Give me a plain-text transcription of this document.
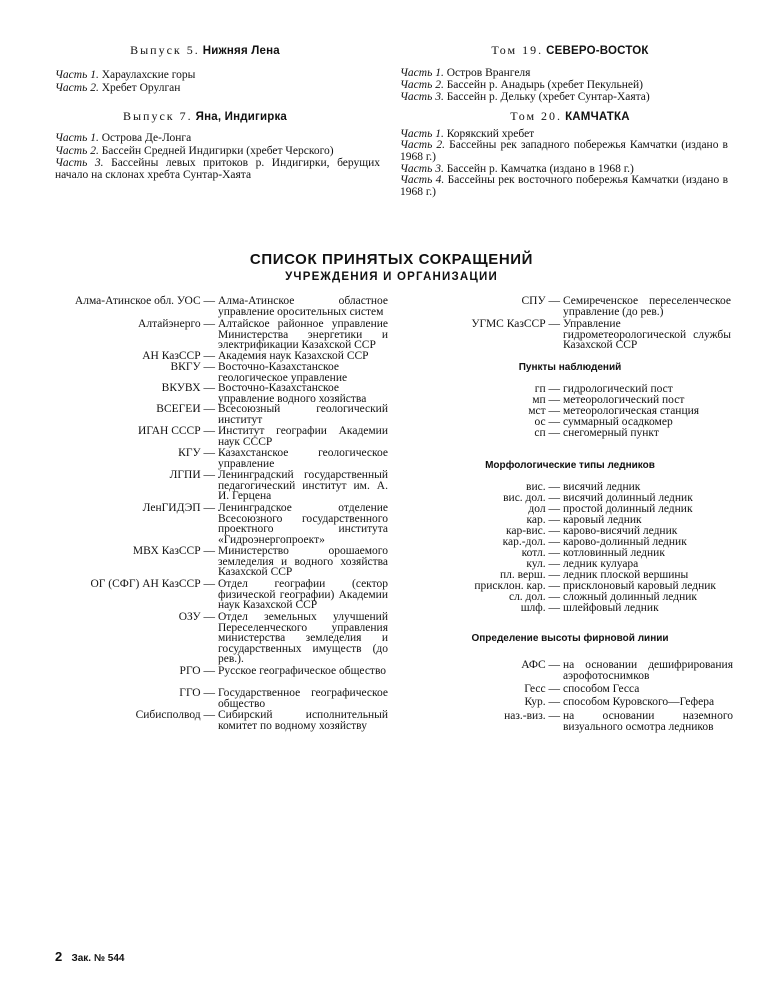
Выпуск 5. Нижняя Лена
Часть 1. Хараулахские горы
Часть 2. Хребет Орулган
Выпуск 7. Яна, Индигирка
Часть 1. Острова Де-Лонга
Часть 2. Бассейн Средней Индигирки (хребет Черского)
Часть 3. Бассейны левых притоков р. Индигирки, берущих начало на склонах хребта Сунтар-Хаята
Том 19. СЕВЕРО-ВОСТОК
Часть 1. Остров Врангеля
Часть 2. Бассейн р. Анадырь (хребет Пекульней)
Часть 3. Бассейн р. Дельку (хребет Сунтар-Хаята)
Том 20. КАМЧАТКА
Часть 1. Корякский хребет
Часть 2. Бассейны рек западного побережья Камчатки (издано в 1968 г.)
Часть 3. Бассейн р. Камчатка (издано в 1968 г.)
Часть 4. Бассейны рек восточного побережья Камчатки (издано в 1968 г.)
СПИСОК ПРИНЯТЫХ СОКРАЩЕНИЙ
УЧРЕЖДЕНИЯ И ОРГАНИЗАЦИИ
Алма-Атинское обл. УОС — Алма-Атинское областное управление оросительных систем
Алтайэнерго — Алтайское районное управление Министерства энергетики и электрификации Казахской ССР
АН КазССР — Академия наук Казахской ССР
ВКГУ — Восточно-Казахстанское геологическое управление
ВКУВХ — Восточно-Казахстанское управление водного хозяйства
ВСЕГЕИ — Всесоюзный геологический институт
ИГАН СССР — Институт географии Академии наук СССР
КГУ — Казахстанское геологическое управление
ЛГПИ — Ленинградский государственный педагогический институт им. А. И. Герцена
ЛенГИДЭП — Ленинградское отделение Всесоюзного государственного проектного института «Гидроэнергопроект»
МВХ КазССР — Министерство орошаемого земледелия и водного хозяйства Казахской ССР
ОГ (СФГ) АН КазССР — Отдел географии (сектор физической географии) Академии наук Казахской ССР
ОЗУ — Отдел земельных улучшений Переселенческого управления министерства земледелия и государственных имуществ (до рев.).
РГО — Русское географическое общество
ГГО — Государственное географическое общество
Сибисполвод — Сибирский исполнительный комитет по водному хозяйству
СПУ — Семиреченское переселенческое управление (до рев.)
УГМС КазССР — Управление гидрометеорологической службы Казахской ССР
Пункты наблюдений
гп — гидрологический пост
мп — метеорологический пост
мст — метеорологическая станция
ос — суммарный осадкомер
сп — снегомерный пункт
Морфологические типы ледников
вис. — висячий ледник
вис. дол. — висячий долинный ледник
дол — простой долинный ледник
кар. — каровый ледник
кар-вис. — карово-висячий ледник
кар.-дол. — карово-долинный ледник
котл. — котловинный ледник
кул. — ледник кулуара
пл. верш. — ледник плоской вершины
присклон. кар. — присклоновый каровый ледник
сл. дол. — сложный долинный ледник
шлф. — шлейфовый ледник
Определение высоты фирновой линии
АФС — на основании дешифрирования аэрофотоснимков
Гесс — способом Гесса
Кур. — способом Куровского—Гефера
наз.-виз. — на основании наземного визуального осмотра ледников
2 Зак. № 544
